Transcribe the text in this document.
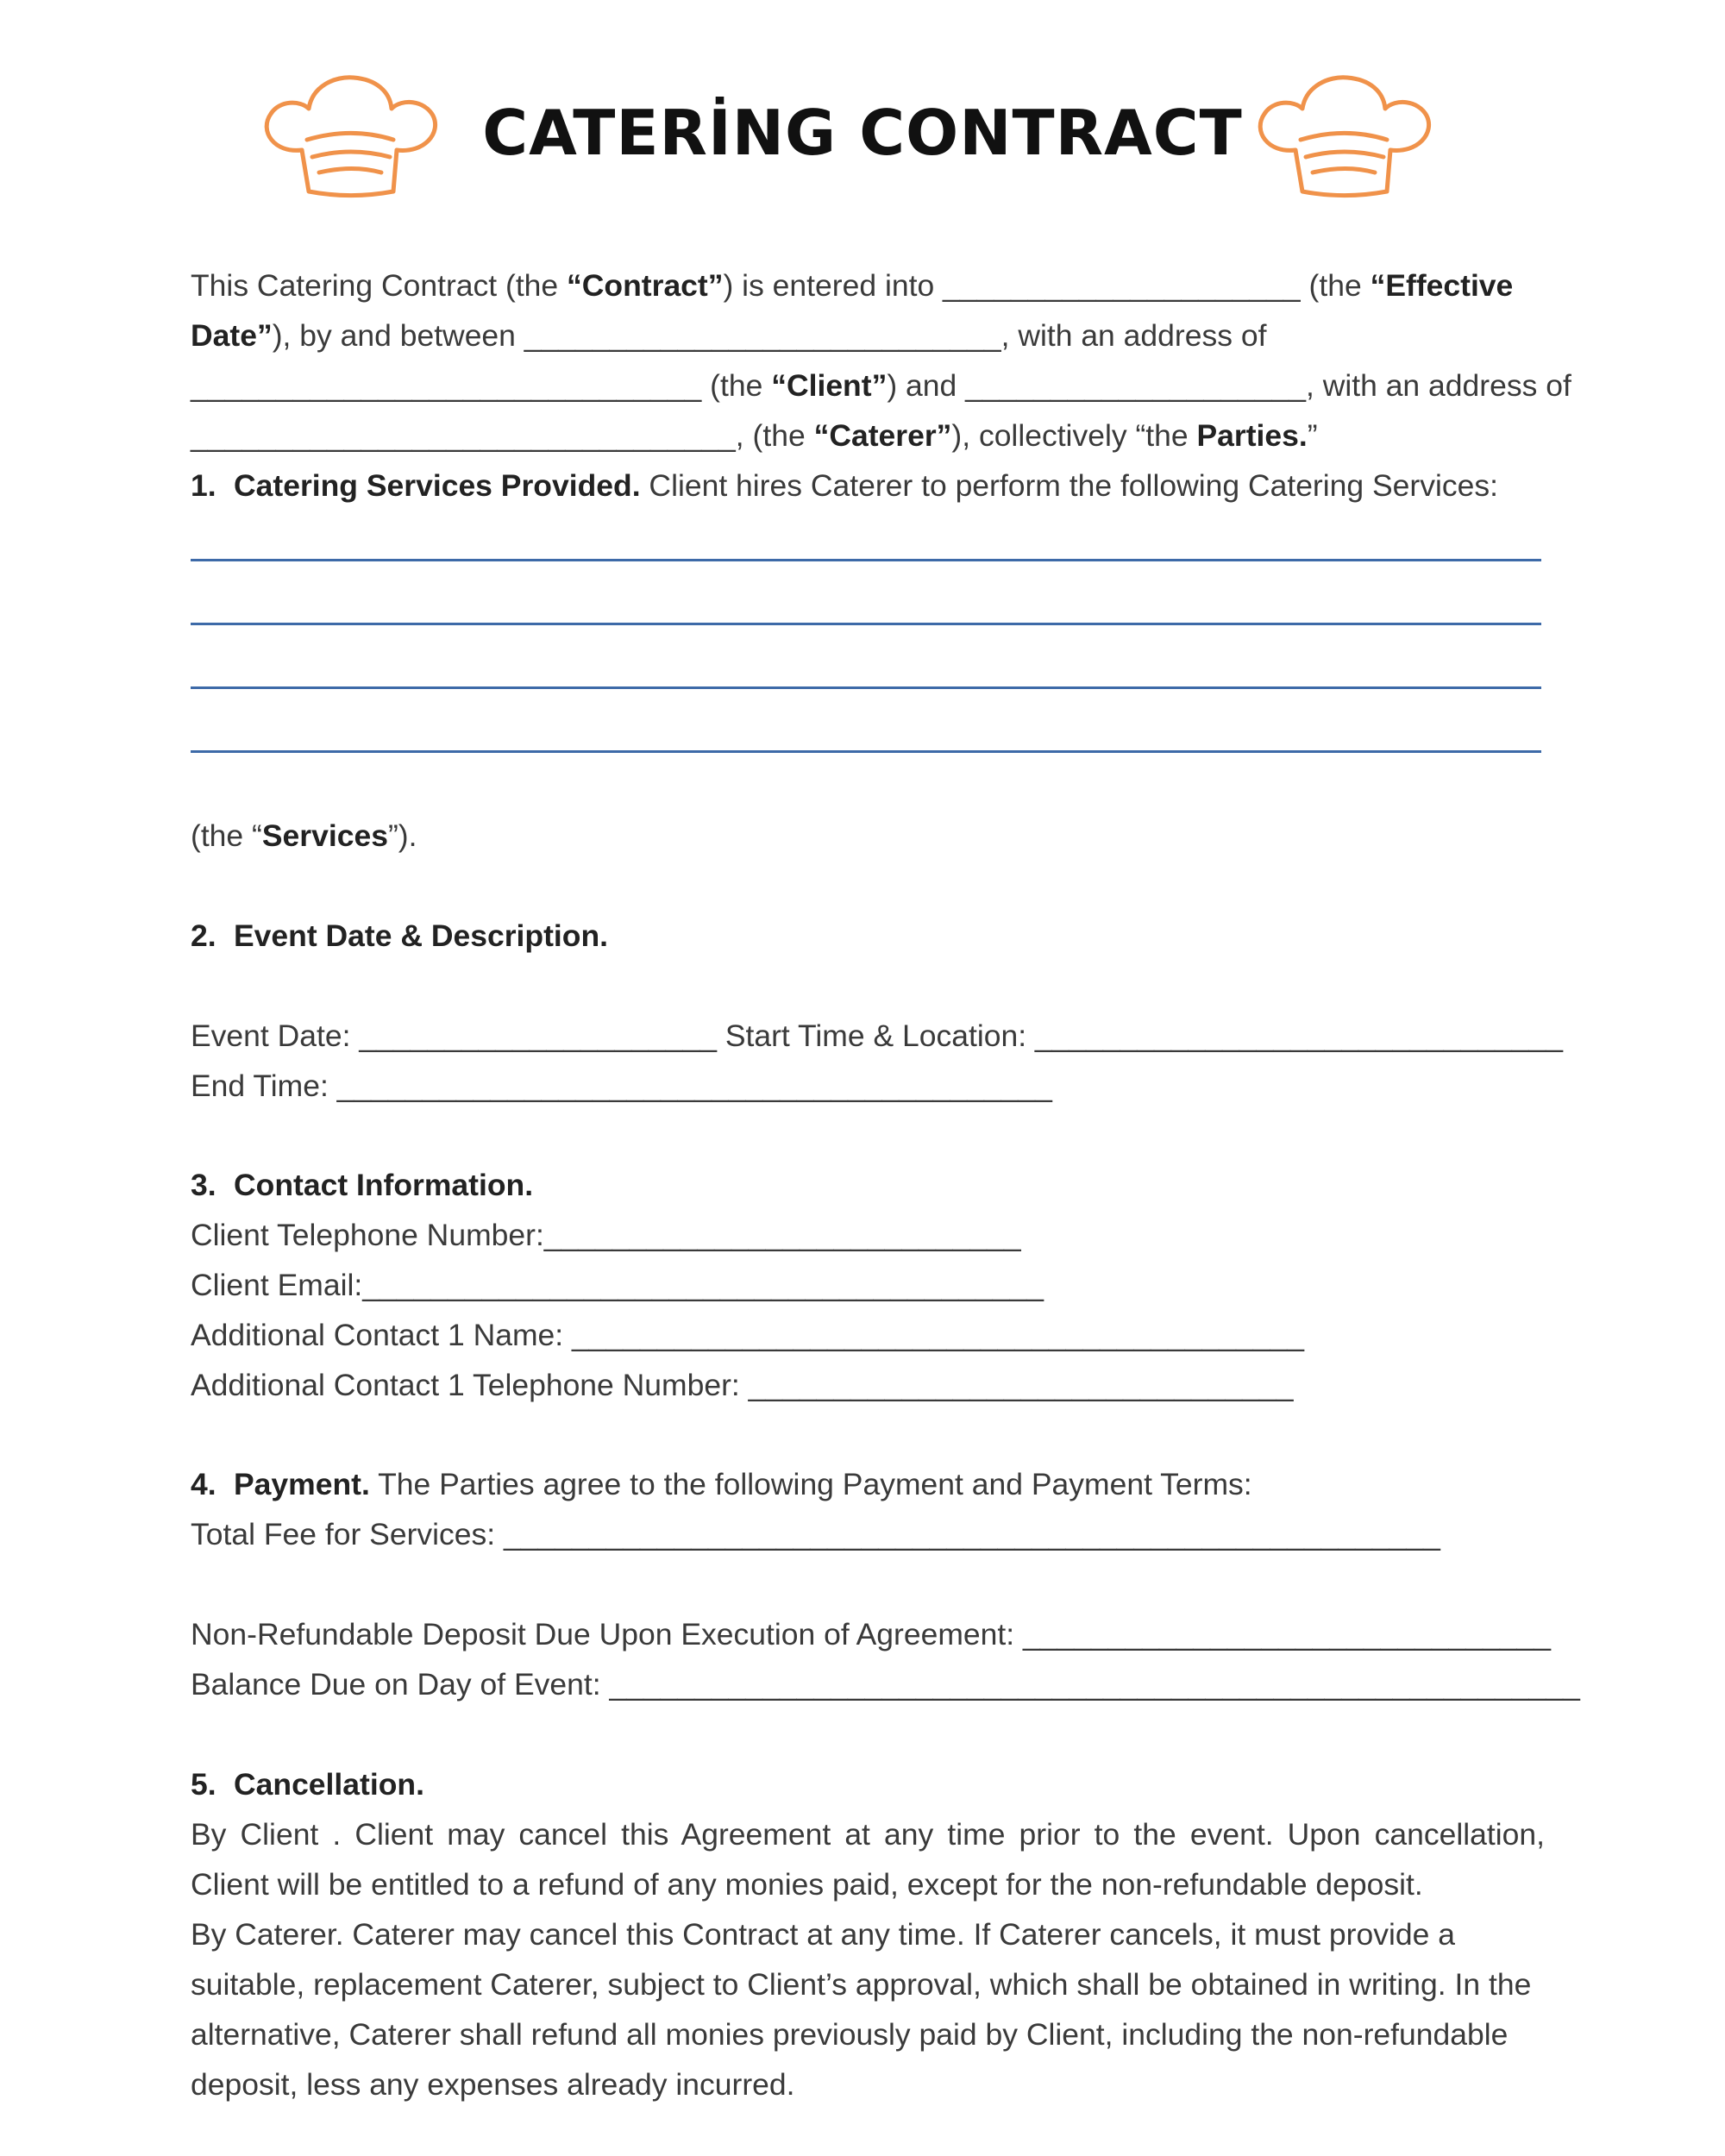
CATERİNG CONTRACT
This Catering Contract (the “Contract”) is entered into _____________________ (the “Effective
Date”), by and between ____________________________, with an address of
______________________________ (the “Client”) and ____________________, with an address of
________________________________, (the “Caterer”), collectively “the Parties.”
1. Catering Services Provided. Client hires Caterer to perform the following Catering Services:
(the “Services”).
2. Event Date & Description.
Event Date: _____________________ Start Time & Location: _______________________________
End Time: __________________________________________
3. Contact Information.
Client Telephone Number:____________________________
Client Email:________________________________________
Additional Contact 1 Name: ___________________________________________
Additional Contact 1 Telephone Number: ________________________________
4. Payment. The Parties agree to the following Payment and Payment Terms:
Total Fee for Services: _______________________________________________________
Non-Refundable Deposit Due Upon Execution of Agreement: _______________________________
Balance Due on Day of Event: _________________________________________________________
5. Cancellation.
By Client . Client may cancel this Agreement at any time prior to the event. Upon cancellation,
Client will be entitled to a refund of any monies paid, except for the non-refundable deposit.
By Caterer. Caterer may cancel this Contract at any time. If Caterer cancels, it must provide a
suitable, replacement Caterer, subject to Client’s approval, which shall be obtained in writing. In the
alternative, Caterer shall refund all monies previously paid by Client, including the non-refundable
deposit, less any expenses already incurred.
